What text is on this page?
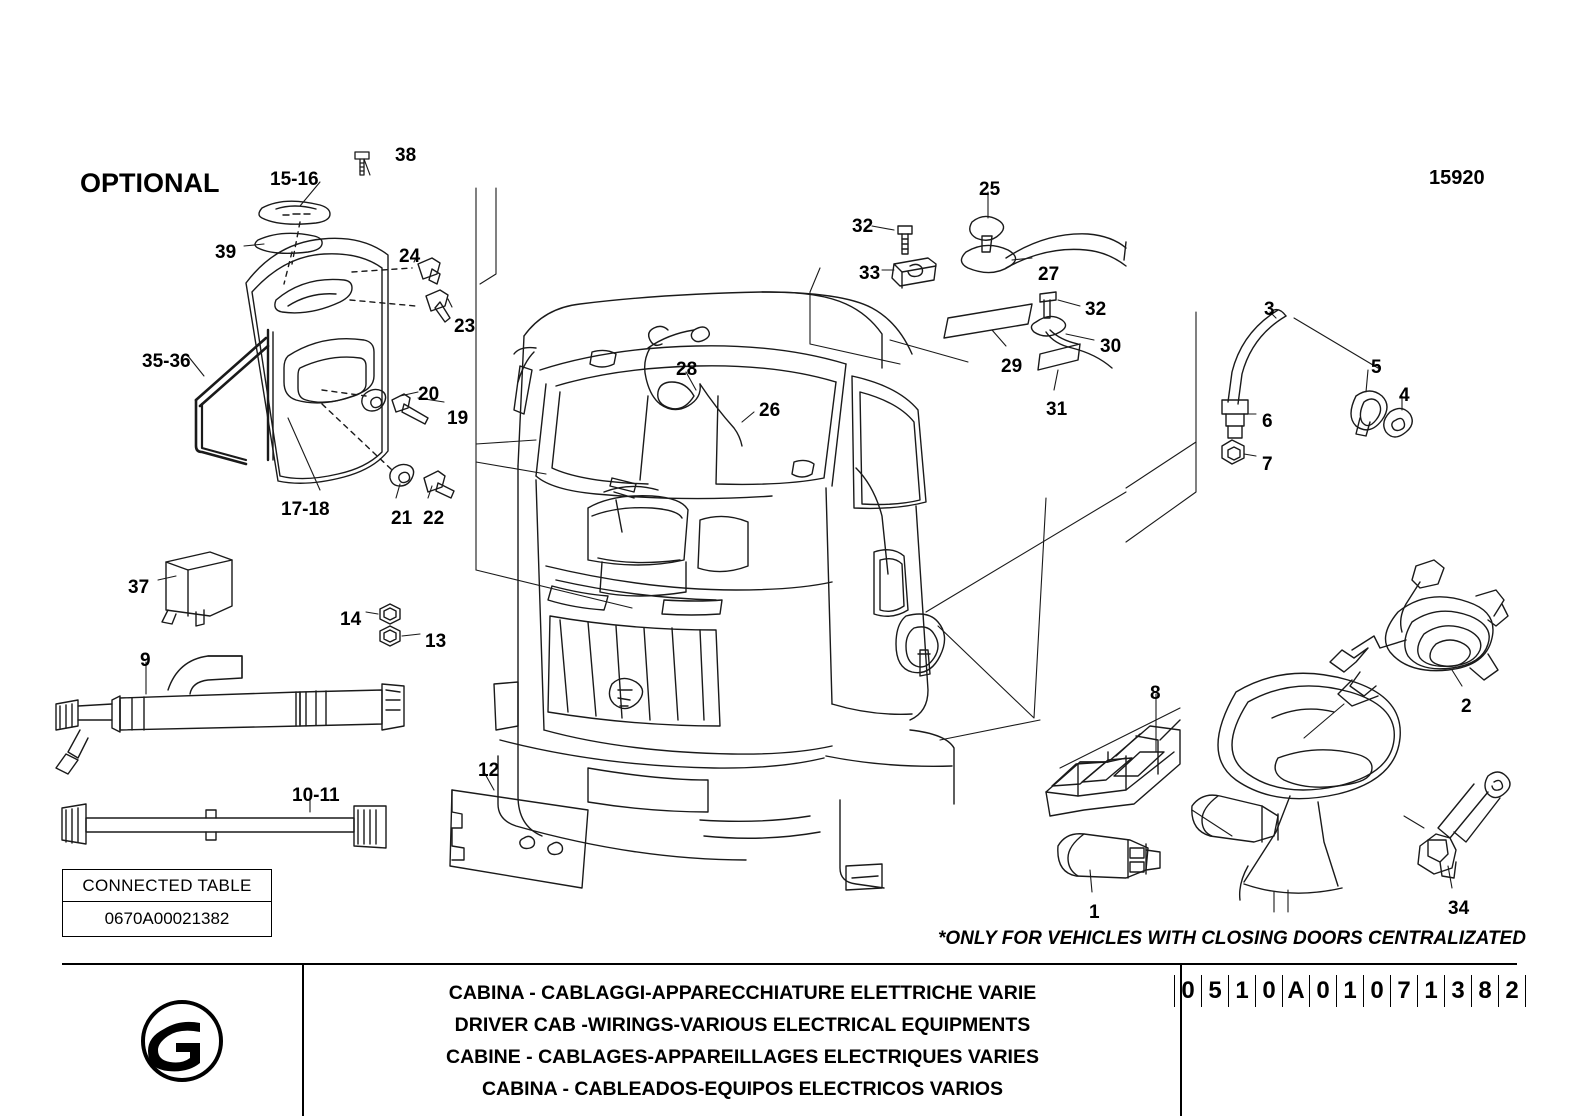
OPTIONAL	15920
*ONLY FOR VEHICLES WITH CLOSING DOORS CENTRALIZATED
38
15-16
39	24
23
35-36
20
19
17-18	21 22
37
14
13
9
10-11
12
28
26
32
33
25
27
29
32
30
31
3
5
4
6
7
2
8
1	34
CONNECTED TABLE
0670A00021382
CABINA - CABLAGGI-APPARECCHIATURE ELETTRICHE VARIE
DRIVER CAB -WIRINGS-VARIOUS ELECTRICAL EQUIPMENTS
CABINE - CABLAGES-APPAREILLAGES ELECTRIQUES VARIES
CABINA - CABLEADOS-EQUIPOS ELECTRICOS VARIOS
0 5 1 0 A 0 1 0 7 1 3 8 2
